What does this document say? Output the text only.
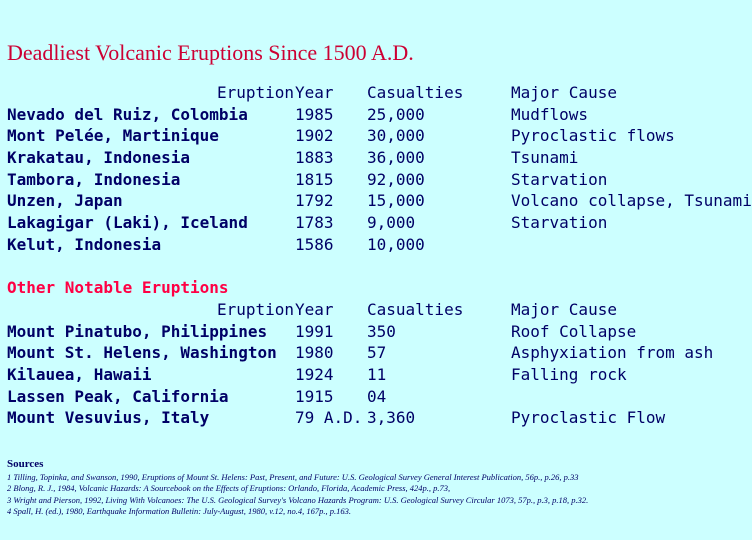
Deadliest Volcanic Eruptions Since 1500 A.D.
Eruption Year Casualties	Major Cause
Nevado del Ruiz, Colombia	1985 25,000	Mudflows
Mont Pelée, Martinique	1902 30,000	Pyroclastic flows
Krakatau, Indonesia	1883 36,000	Tsunami
Tambora, Indonesia	1815 92,000	Starvation
Unzen, Japan	1792 15,000	Volcano collapse, Tsunami
Lakagigar (Laki), Iceland	1783 9,000	Starvation
Kelut, Indonesia	1586 10,000
Other Notable Eruptions
Eruption Year Casualties	Major Cause
Mount Pinatubo, Philippines 1991 350	Roof Collapse
Mount St. Helens, Washington 1980 57	Asphyxiation from ash
Kilauea, Hawaii	1924 11	Falling rock
Lassen Peak, California	1915 04
Mount Vesuvius, Italy	79 A.D. 3,360	Pyroclastic Flow
Sources
1 Tilling, Topinka, and Swanson, 1990, Eruptions of Mount St. Helens: Past, Present, and Future: U.S. Geological Survey General Interest Publication, 56p., p.26, p.33
2 Blong, R. J., 1984, Volcanic Hazards: A Sourcebook on the Effects of Eruptions: Orlando, Florida, Academic Press, 424p., p.73,
3 Wright and Pierson, 1992, Living With Volcanoes: The U.S. Geological Survey's Volcano Hazards Program: U.S. Geological Survey Circular 1073, 57p., p.3, p.18, p.32.
4 Spall, H. (ed.), 1980, Earthquake Information Bulletin: July-August, 1980, v.12, no.4, 167p., p.163.
